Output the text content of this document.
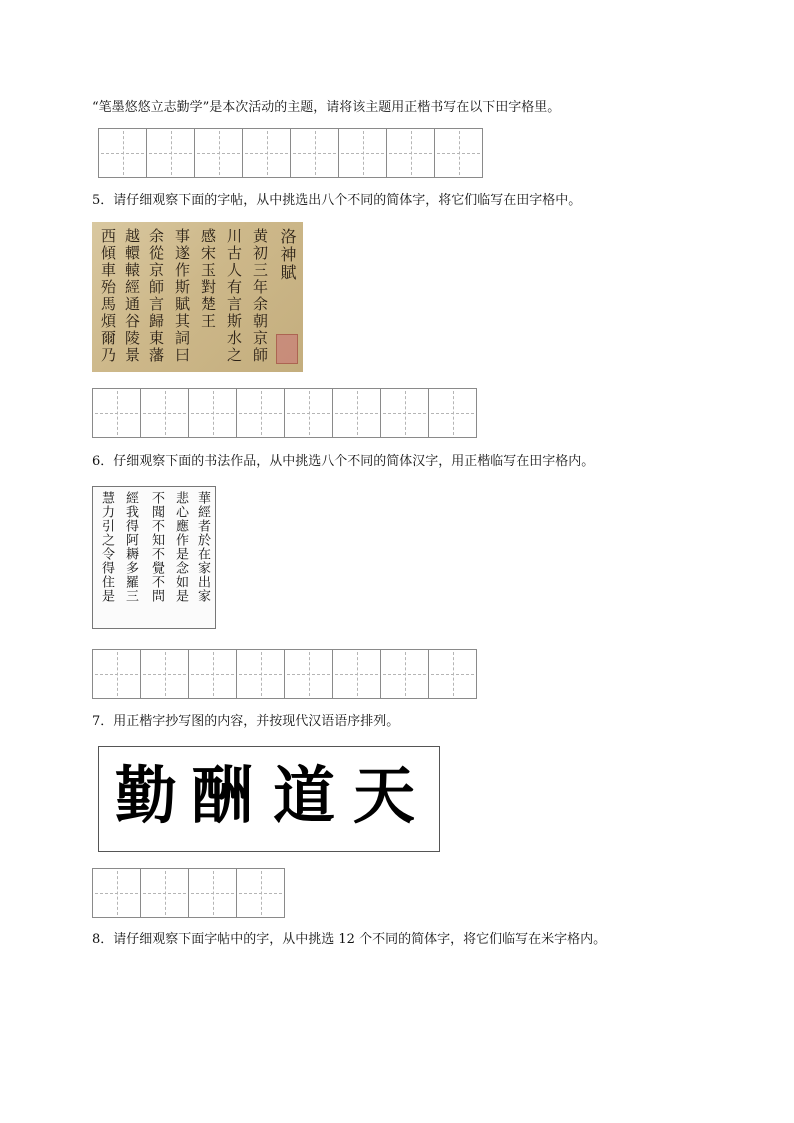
“笔墨悠悠立志勤学”是本次活动的主题，请将该主题用正楷书写在以下田字格里。
5．请仔细观察下面的字帖，从中挑选出八个不同的简体字，将它们临写在田字格中。
洛神賦
黄初三年余朝京師
川古人有言斯水之
感宋玉對楚王
事遂作斯賦其詞曰
余從京師言歸東藩
越轘轅經通谷陵景
西傾車殆馬煩爾乃
6．仔细观察下面的书法作品，从中挑选八个不同的简体汉字，用正楷临写在田字格内。
華經者於在家出家
悲心應作是念如是
不聞不知不覺不問
經我得阿耨多羅三
慧力引之令得住是
7．用正楷字抄写图的内容，并按现代汉语语序排列。
勤 酬 道 天
8．请仔细观察下面字帖中的字，从中挑选 12 个不同的简体字，将它们临写在米字格内。
